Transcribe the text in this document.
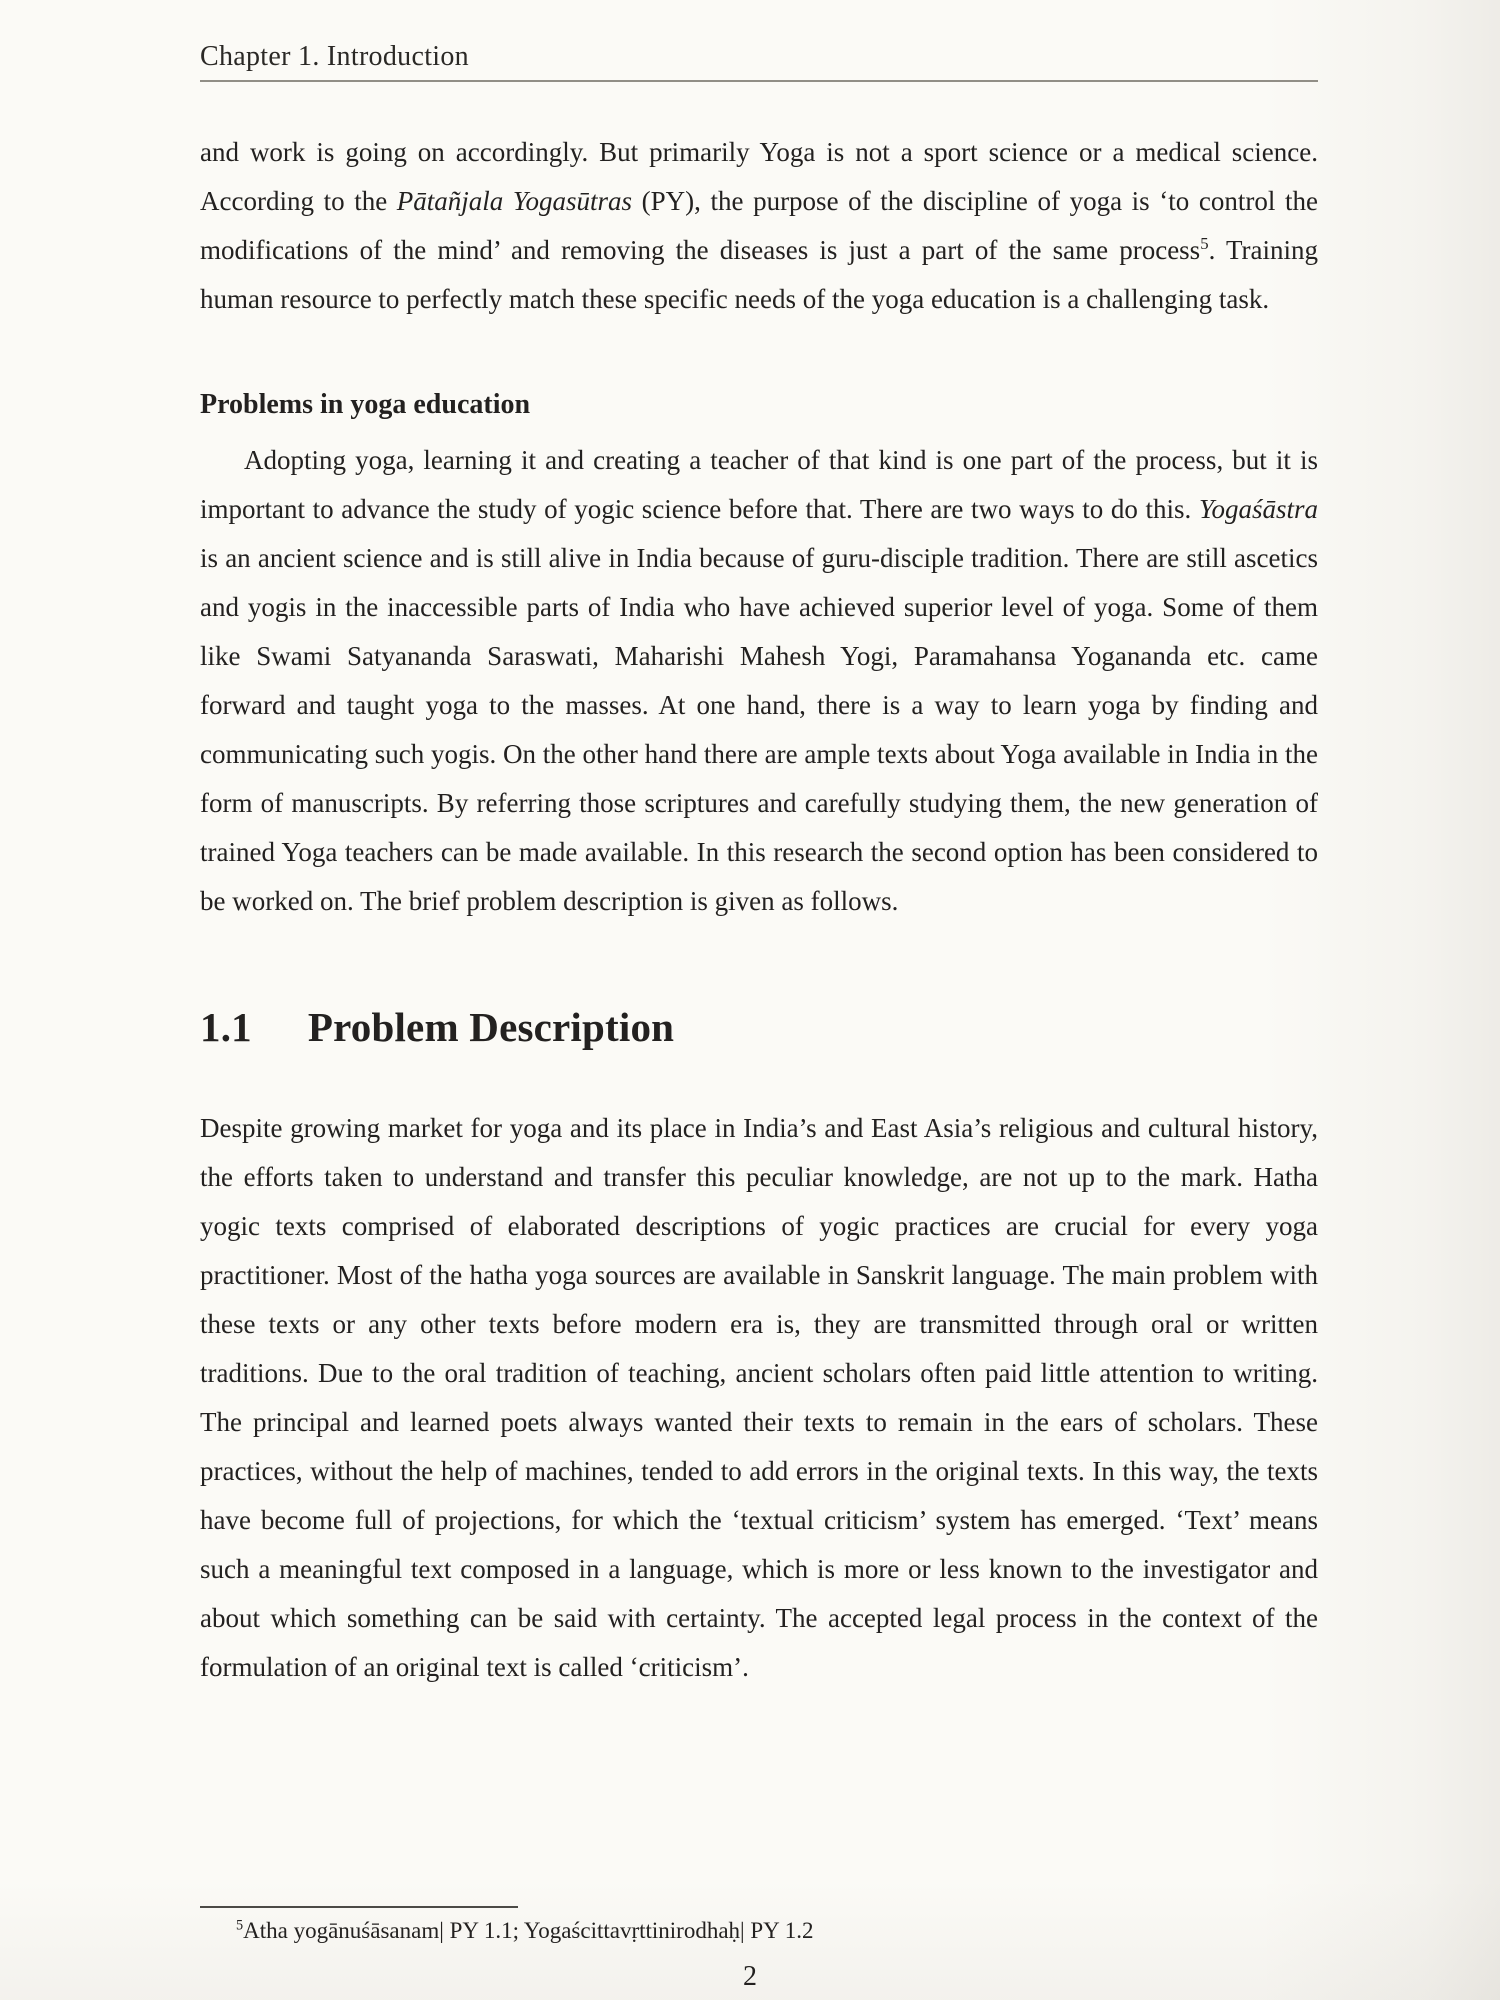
Chapter 1. Introduction

and work is going on accordingly. But primarily Yoga is not a sport science or a medical science. According to the Pātañjala Yogasūtras (PY), the purpose of the discipline of yoga is ‘to control the modifications of the mind’ and removing the diseases is just a part of the same process$^5$. Training human resource to perfectly match these specific needs of the yoga education is a challenging task.

Problems in yoga education

Adopting yoga, learning it and creating a teacher of that kind is one part of the process, but it is important to advance the study of yogic science before that. There are two ways to do this. Yogaśāstra is an ancient science and is still alive in India because of guru-disciple tradition. There are still ascetics and yogis in the inaccessible parts of India who have achieved superior level of yoga. Some of them like Swami Satyananda Saraswati, Maharishi Mahesh Yogi, Paramahansa Yogananda etc. came forward and taught yoga to the masses. At one hand, there is a way to learn yoga by finding and communicating such yogis. On the other hand there are ample texts about Yoga available in India in the form of manuscripts. By referring those scriptures and carefully studying them, the new generation of trained Yoga teachers can be made available. In this research the second option has been considered to be worked on. The brief problem description is given as follows.

1.1 Problem Description

Despite growing market for yoga and its place in India’s and East Asia’s religious and cultural history, the efforts taken to understand and transfer this peculiar knowledge, are not up to the mark. Hatha yogic texts comprised of elaborated descriptions of yogic practices are crucial for every yoga practitioner. Most of the hatha yoga sources are available in Sanskrit language. The main problem with these texts or any other texts before modern era is, they are transmitted through oral or written traditions. Due to the oral tradition of teaching, ancient scholars often paid little attention to writing. The principal and learned poets always wanted their texts to remain in the ears of scholars. These practices, without the help of machines, tended to add errors in the original texts. In this way, the texts have become full of projections, for which the ‘textual criticism’ system has emerged. ‘Text’ means such a meaningful text composed in a language, which is more or less known to the investigator and about which something can be said with certainty. The accepted legal process in the context of the formulation of an original text is called ‘criticism’.

$^5$Atha yogānuśāsanam| PY 1.1; Yogaścittavṛttinirodhaḥ| PY 1.2

2
